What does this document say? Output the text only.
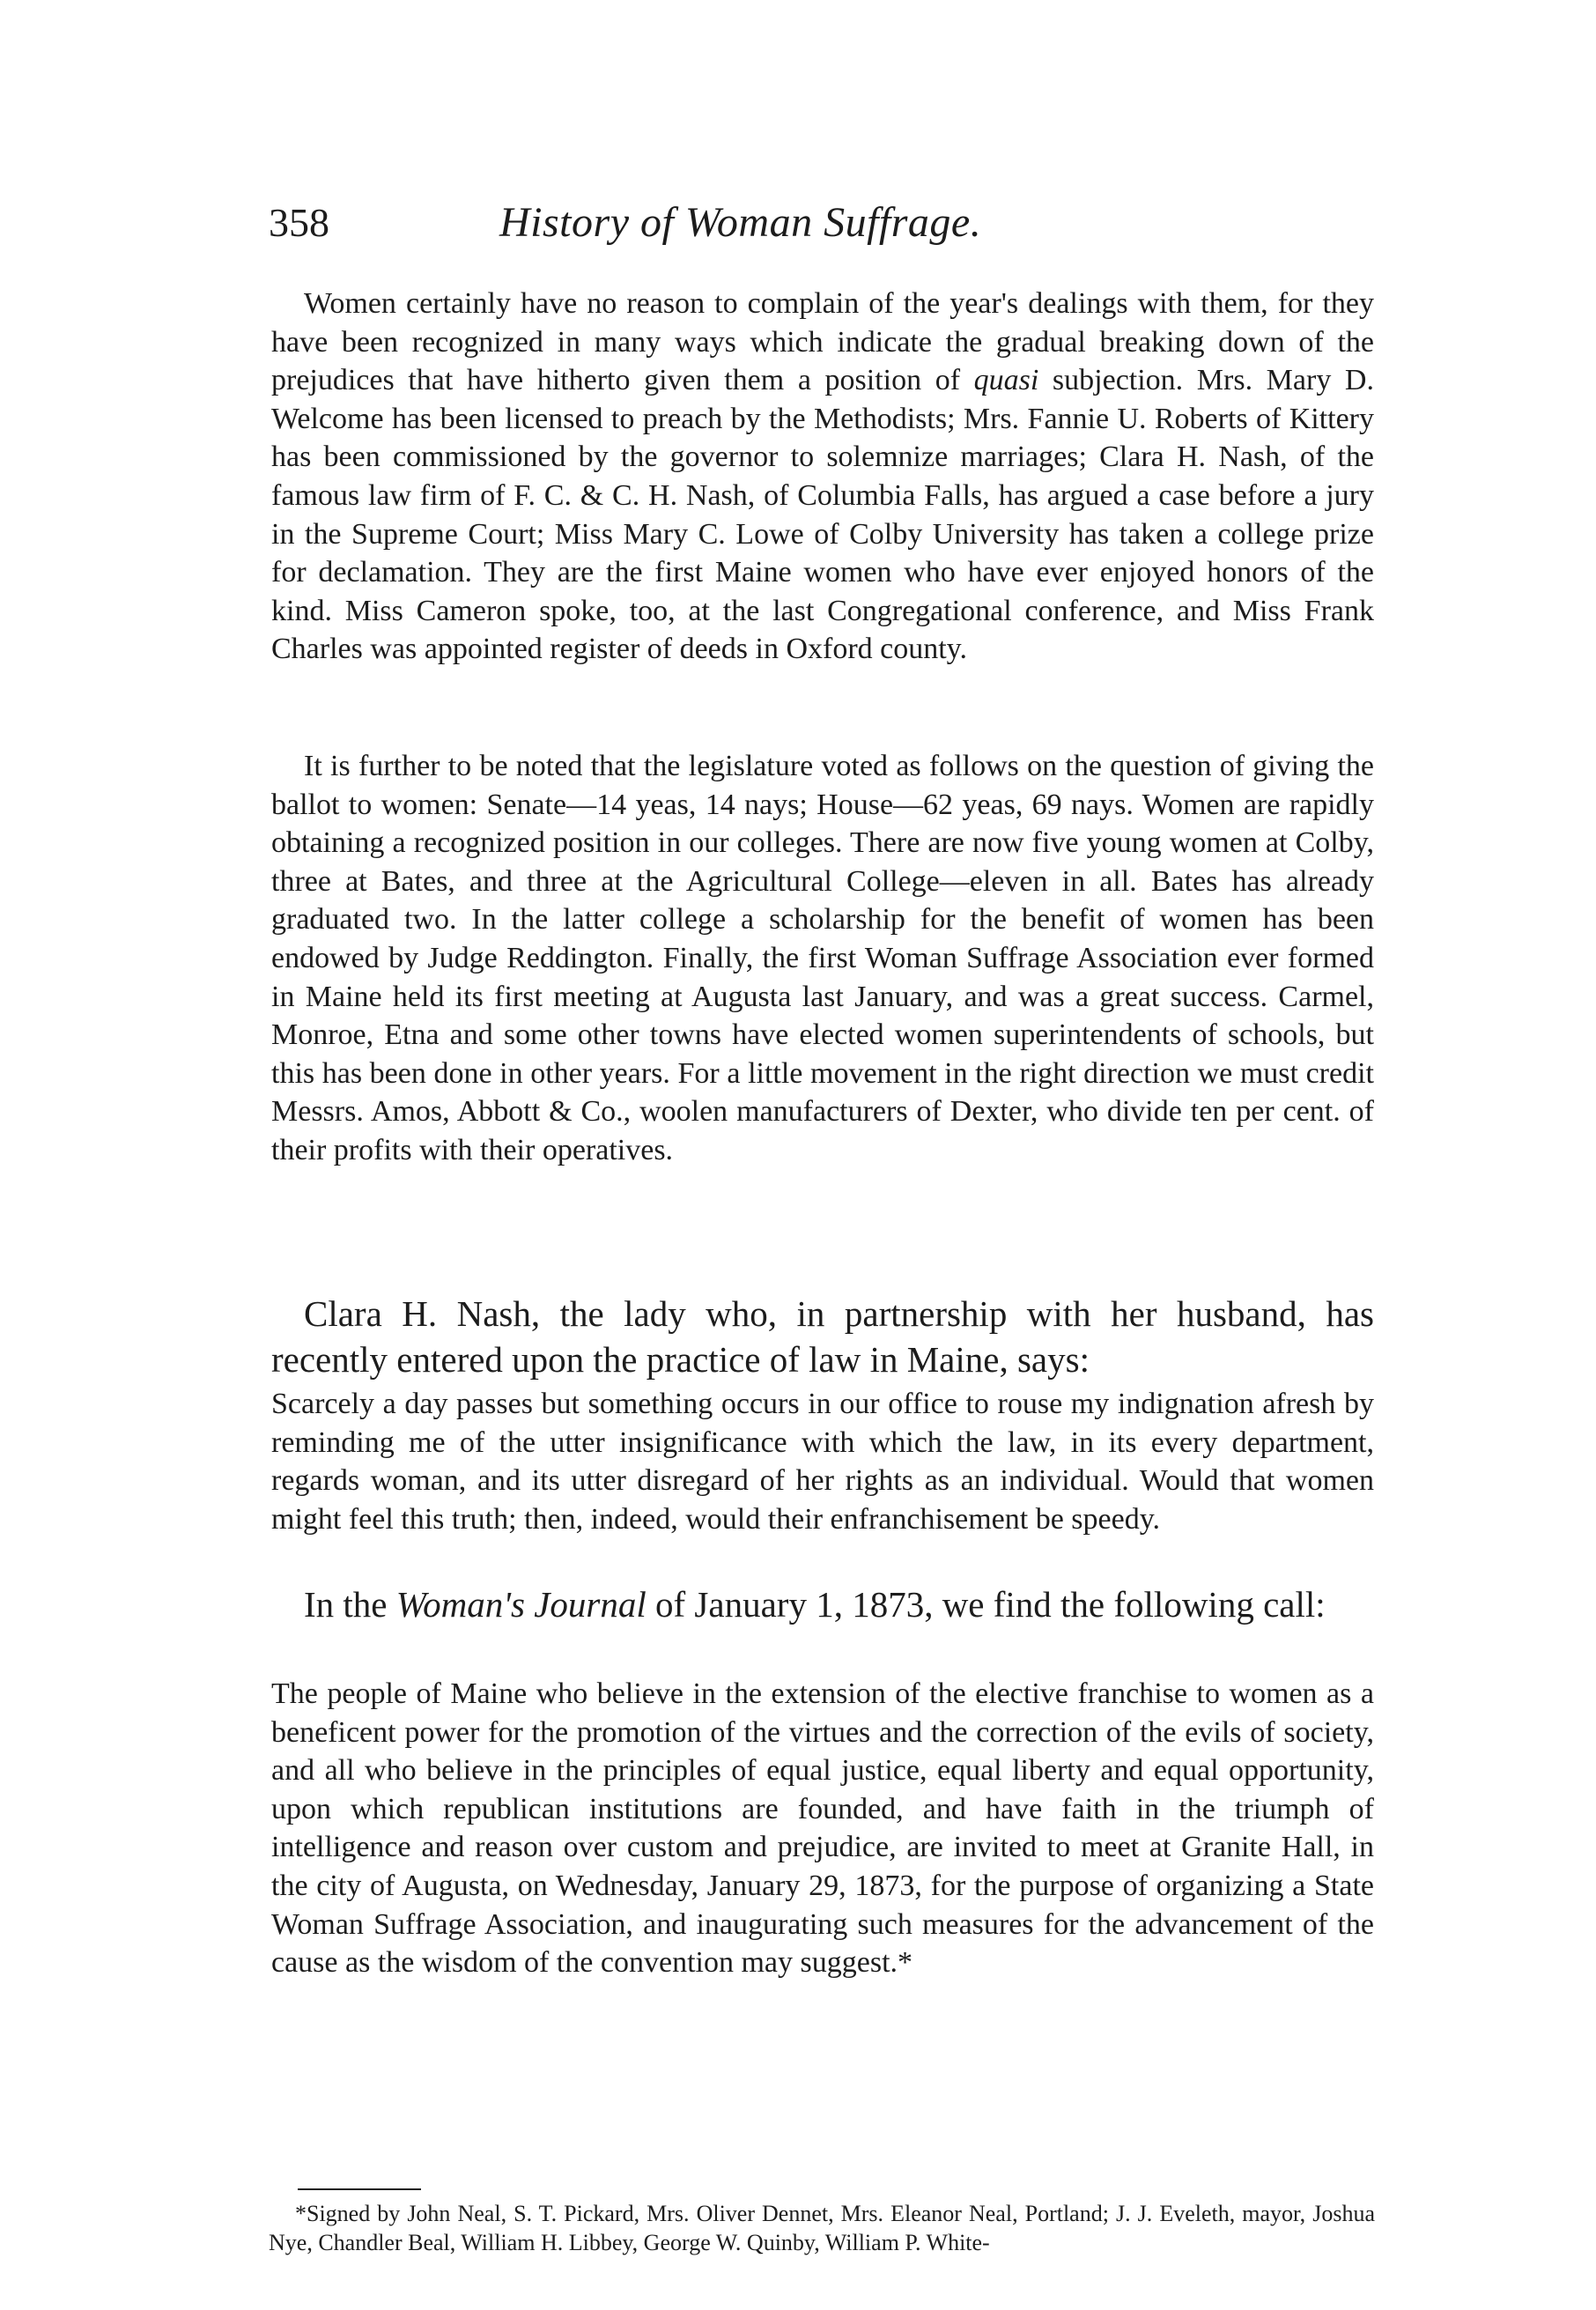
358	History of Woman Suffrage.

Women certainly have no reason to complain of the year's dealings with them, for they have been recognized in many ways which indicate the gradual breaking down of the prejudices that have hitherto given them a position of quasi subjection. Mrs. Mary D. Welcome has been licensed to preach by the Methodists; Mrs. Fannie U. Roberts of Kittery has been commissioned by the governor to solemnize marriages; Clara H. Nash, of the famous law firm of F. C. & C. H. Nash, of Columbia Falls, has argued a case before a jury in the Supreme Court; Miss Mary C. Lowe of Colby University has taken a college prize for declamation. They are the first Maine women who have ever enjoyed honors of the kind. Miss Cameron spoke, too, at the last Congregational conference, and Miss Frank Charles was appointed register of deeds in Oxford county.

It is further to be noted that the legislature voted as follows on the question of giving the ballot to women: Senate—14 yeas, 14 nays; House—62 yeas, 69 nays. Women are rapidly obtaining a recognized position in our colleges. There are now five young women at Colby, three at Bates, and three at the Agricultural College—eleven in all. Bates has already graduated two. In the latter college a scholarship for the benefit of women has been endowed by Judge Reddington. Finally, the first Woman Suffrage Association ever formed in Maine held its first meeting at Augusta last January, and was a great success. Carmel, Monroe, Etna and some other towns have elected women superintendents of schools, but this has been done in other years. For a little movement in the right direction we must credit Messrs. Amos, Abbott & Co., woolen manufacturers of Dexter, who divide ten per cent. of their profits with their operatives.

Clara H. Nash, the lady who, in partnership with her husband, has recently entered upon the practice of law in Maine, says:

Scarcely a day passes but something occurs in our office to rouse my indignation afresh by reminding me of the utter insignificance with which the law, in its every department, regards woman, and its utter disregard of her rights as an individual. Would that women might feel this truth; then, indeed, would their enfranchisement be speedy.

In the Woman's Journal of January 1, 1873, we find the following call:

The people of Maine who believe in the extension of the elective franchise to women as a beneficent power for the promotion of the virtues and the correction of the evils of society, and all who believe in the principles of equal justice, equal liberty and equal opportunity, upon which republican institutions are founded, and have faith in the triumph of intelligence and reason over custom and prejudice, are invited to meet at Granite Hall, in the city of Augusta, on Wednesday, January 29, 1873, for the purpose of organizing a State Woman Suffrage Association, and inaugurating such measures for the advancement of the cause as the wisdom of the convention may suggest.*

*Signed by John Neal, S. T. Pickard, Mrs. Oliver Dennet, Mrs. Eleanor Neal, Portland; J. J. Eveleth, mayor, Joshua Nye, Chandler Beal, William H. Libbey, George W. Quinby, William P. White-
